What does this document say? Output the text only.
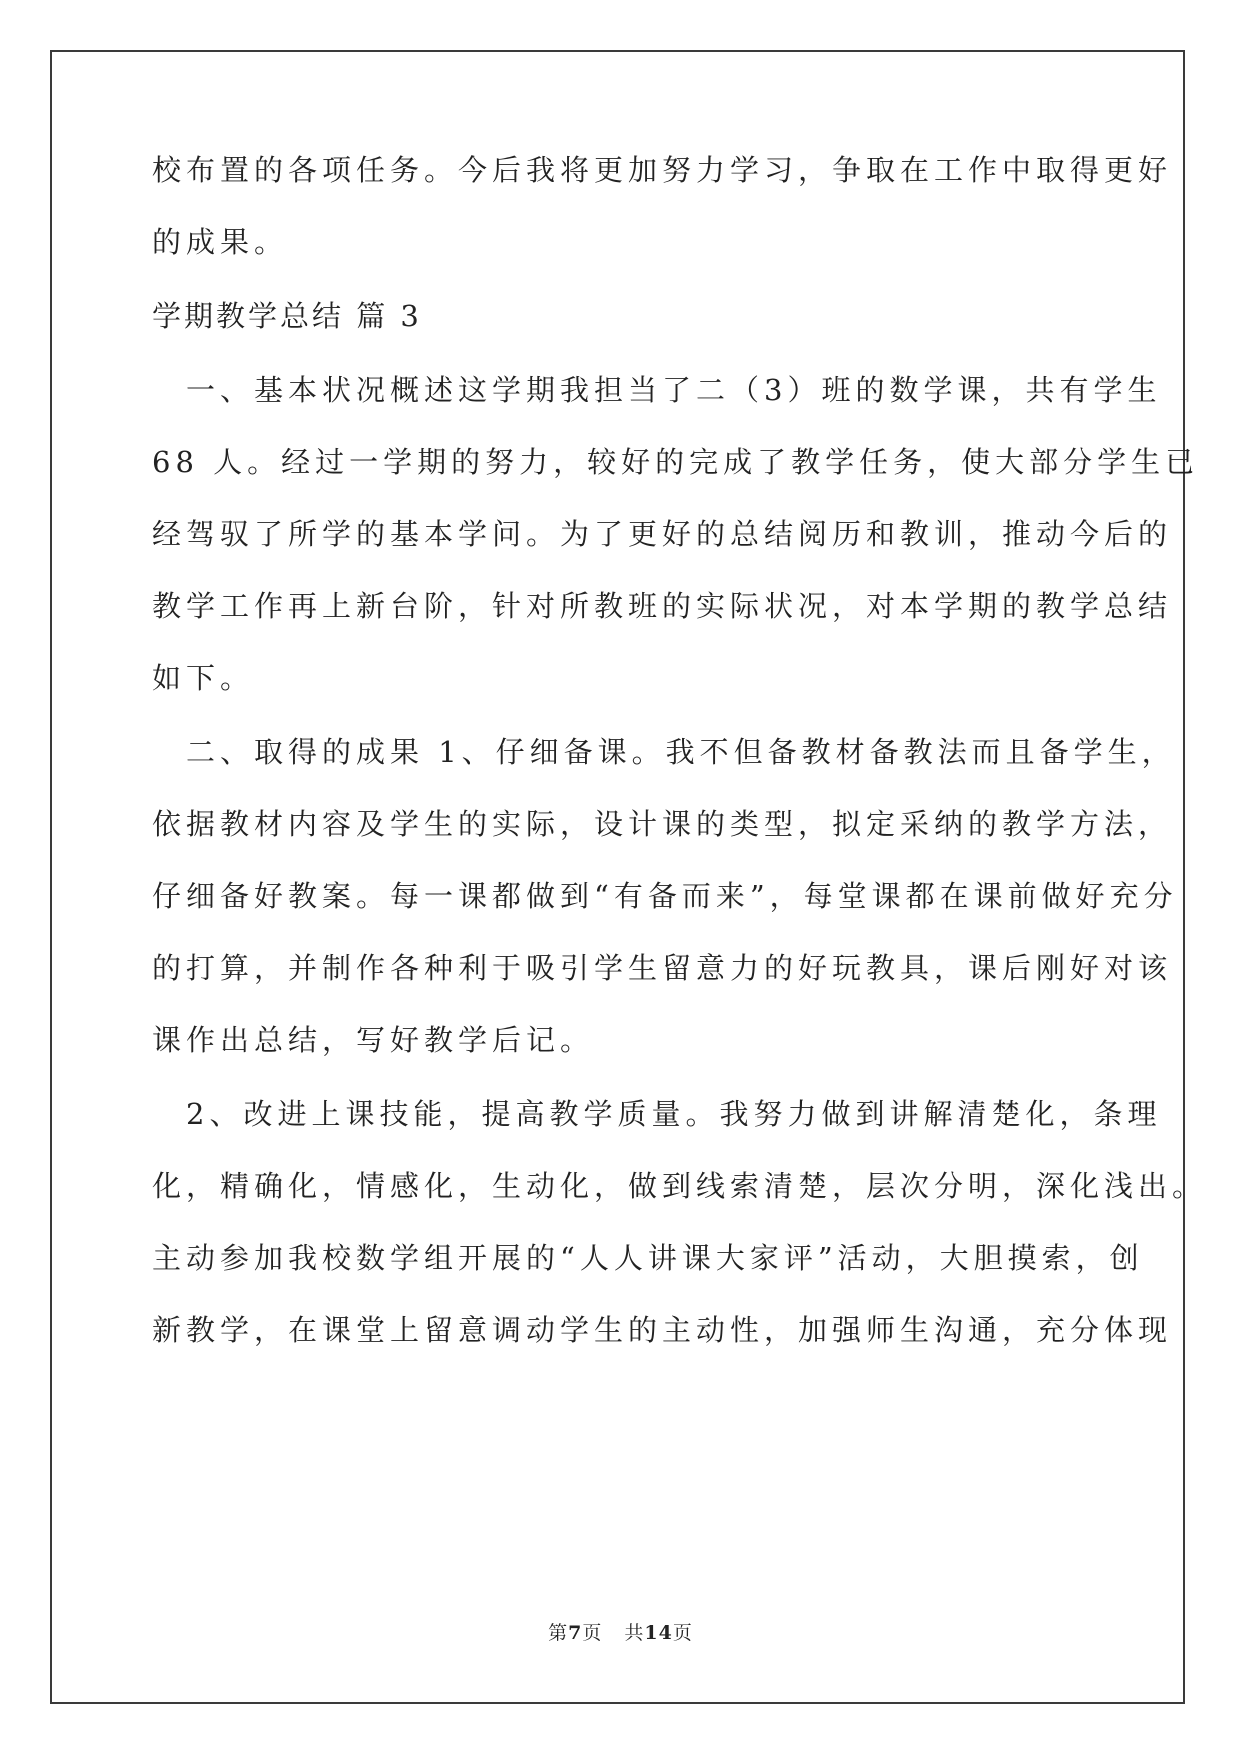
校布置的各项任务。今后我将更加努力学习，争取在工作中取得更好
的成果。
学期教学总结 篇 3
　一、基本状况概述这学期我担当了二（3）班的数学课，共有学生
68 人。经过一学期的努力，较好的完成了教学任务，使大部分学生已
经驾驭了所学的基本学问。为了更好的总结阅历和教训，推动今后的
教学工作再上新台阶，针对所教班的实际状况，对本学期的教学总结
如下。
　二、取得的成果 1、仔细备课。我不但备教材备教法而且备学生，
依据教材内容及学生的实际，设计课的类型，拟定采纳的教学方法，
仔细备好教案。每一课都做到“有备而来”，每堂课都在课前做好充分
的打算，并制作各种利于吸引学生留意力的好玩教具，课后刚好对该
课作出总结，写好教学后记。
　2、改进上课技能，提高教学质量。我努力做到讲解清楚化，条理
化，精确化，情感化，生动化，做到线索清楚，层次分明，深化浅出。
主动参加我校数学组开展的“人人讲课大家评”活动，大胆摸索，创
新教学，在课堂上留意调动学生的主动性，加强师生沟通，充分体现
第7页 共14页
